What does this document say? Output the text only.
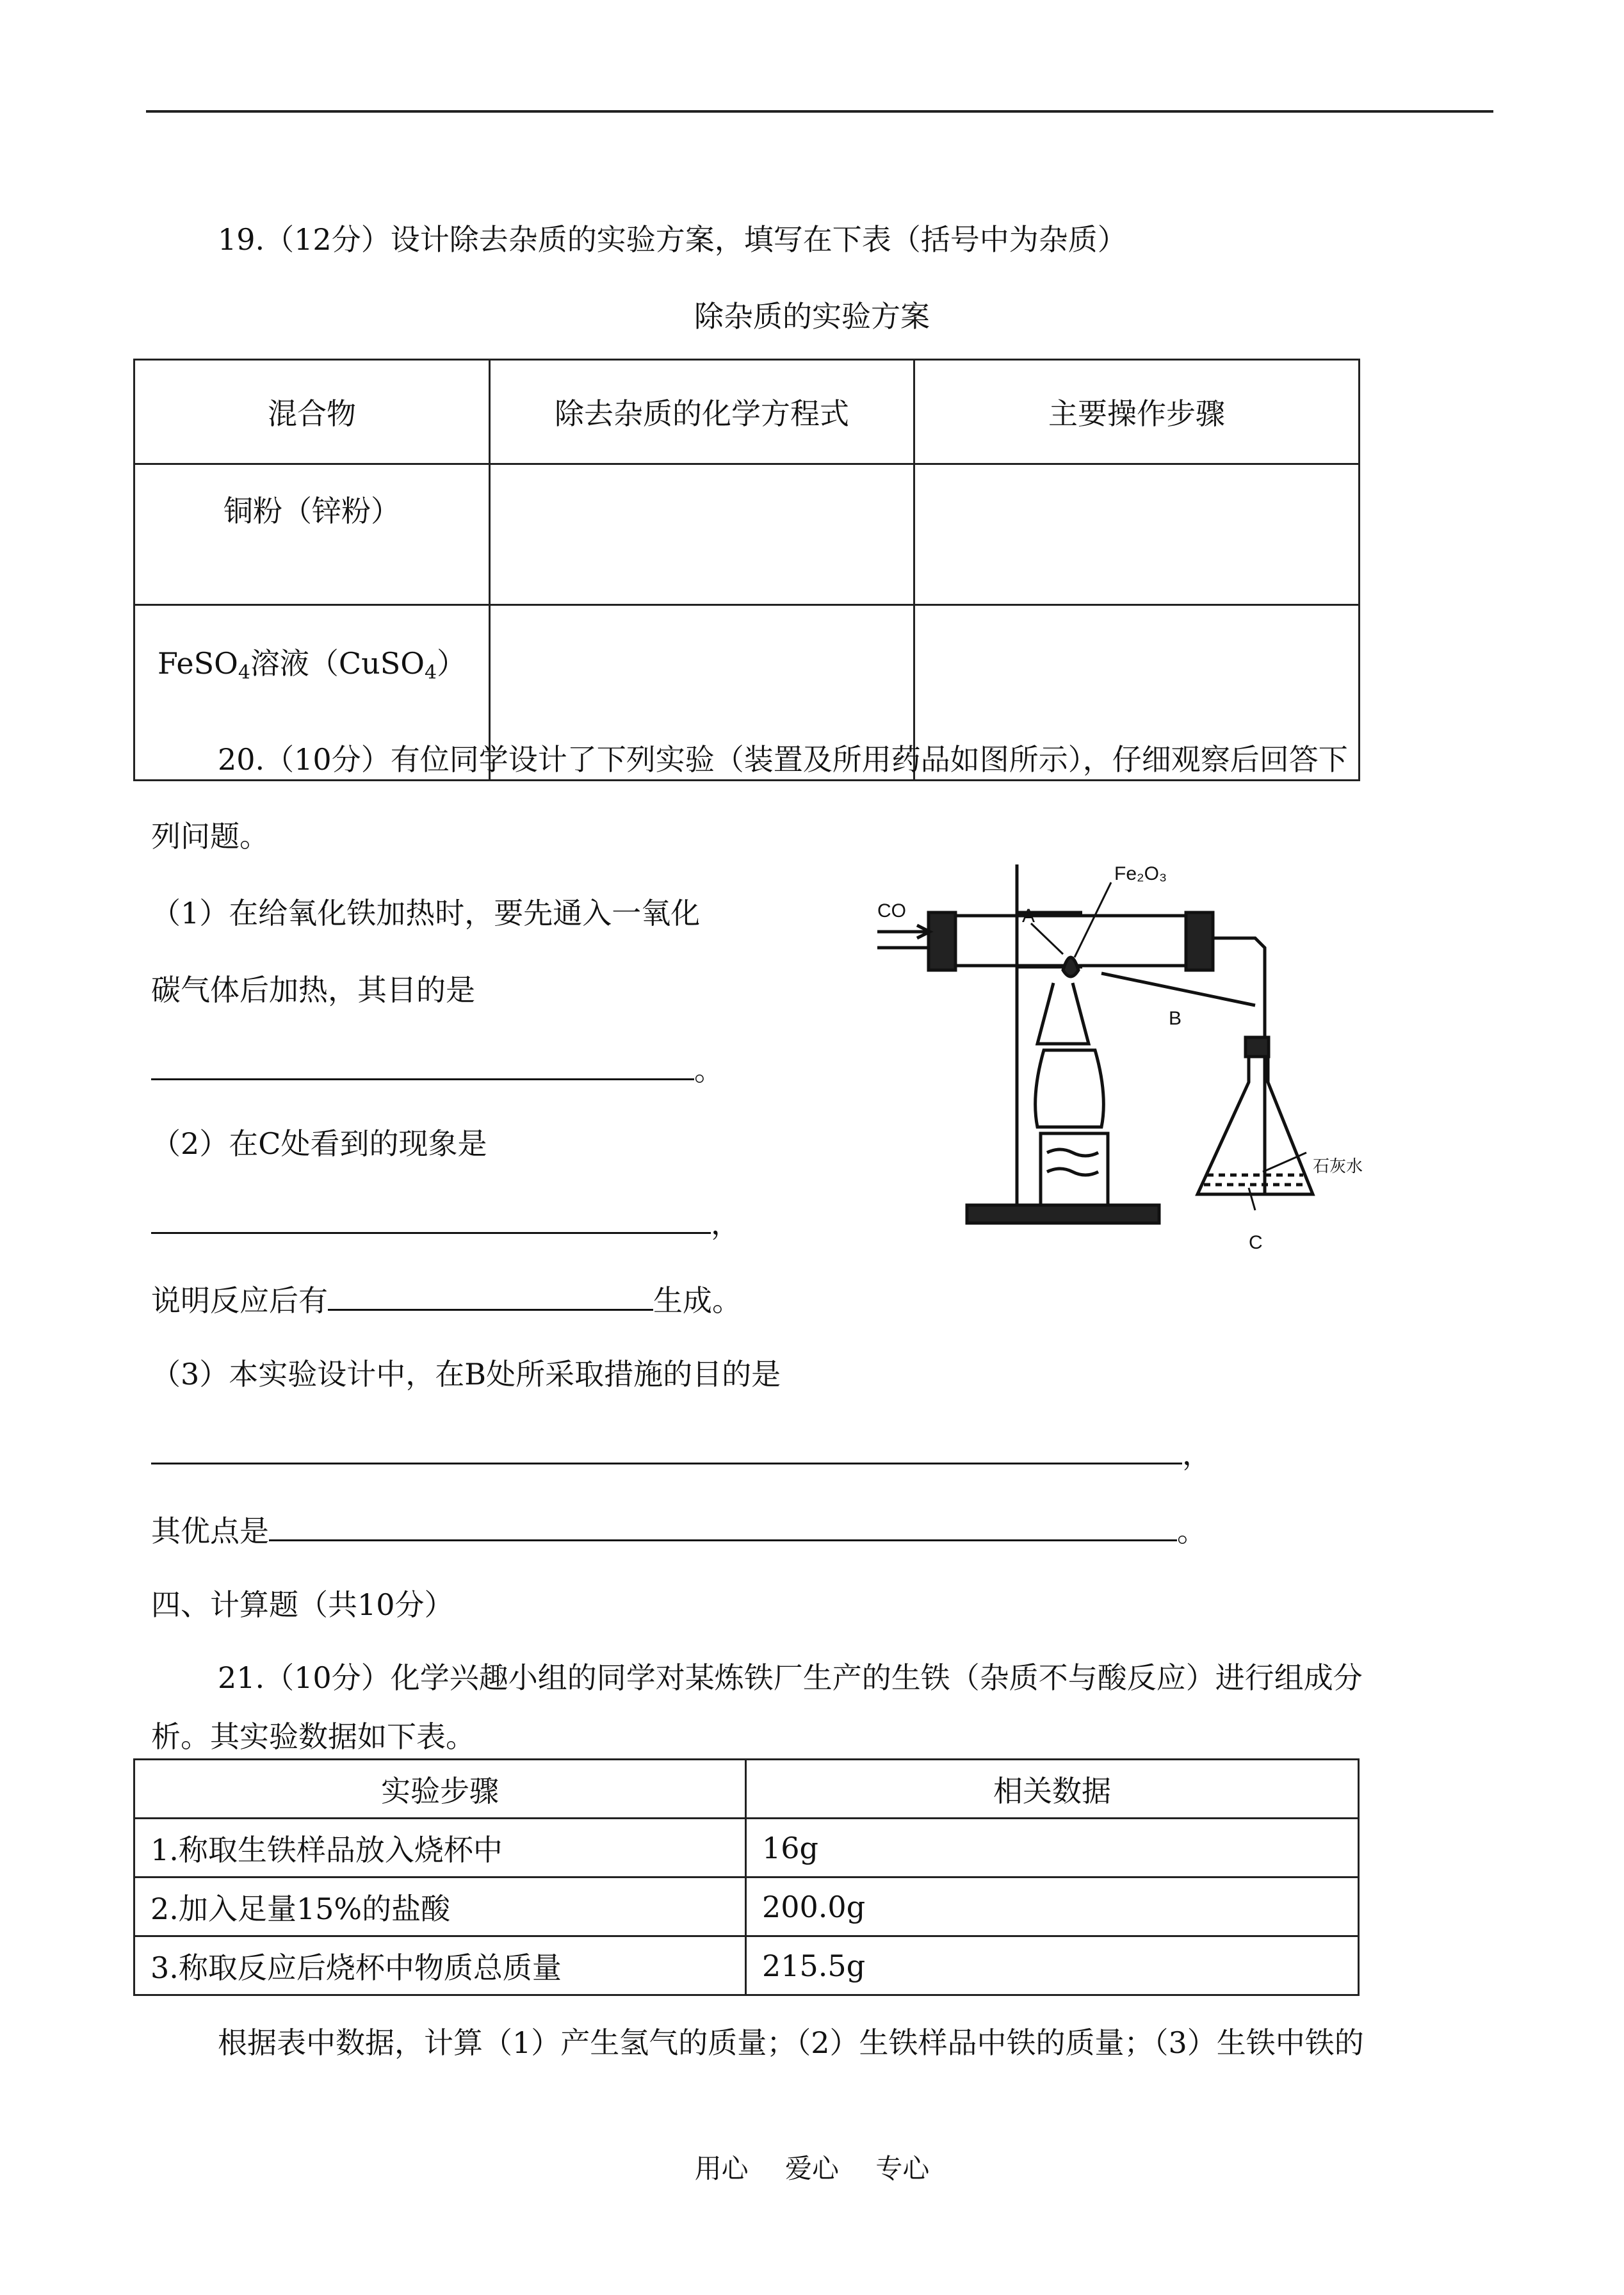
19.（12分）设计除去杂质的实验方案，填写在下表（括号中为杂质）
除杂质的实验方案
混合物	除去杂质的化学方程式	主要操作步骤
铜粉（锌粉）		
FeSO$_4$溶液（CuSO$_4$）		
20.（10分）有位同学设计了下列实验（装置及所用药品如图所示），仔细观察后回答下
列问题。
（1）在给氧化铁加热时，要先通入一氧化
碳气体后加热，其目的是
。
（2）在C处看到的现象是
，
说明反应后有	生成。
（3）本实验设计中，在B处所采取措施的目的是
，
其优点是	。
Fe₂O₃
CO	A
B
C
石灰水
四、计算题（共10分）
21.（10分）化学兴趣小组的同学对某炼铁厂生产的生铁（杂质不与酸反应）进行组成分
析。其实验数据如下表。
实验步骤	相关数据
1.称取生铁样品放入烧杯中	16g
2.加入足量15%的盐酸	200.0g
3.称取反应后烧杯中物质总质量	215.5g
根据表中数据，计算（1）产生氢气的质量；（2）生铁样品中铁的质量；（3）生铁中铁的
用心 爱心 专心
